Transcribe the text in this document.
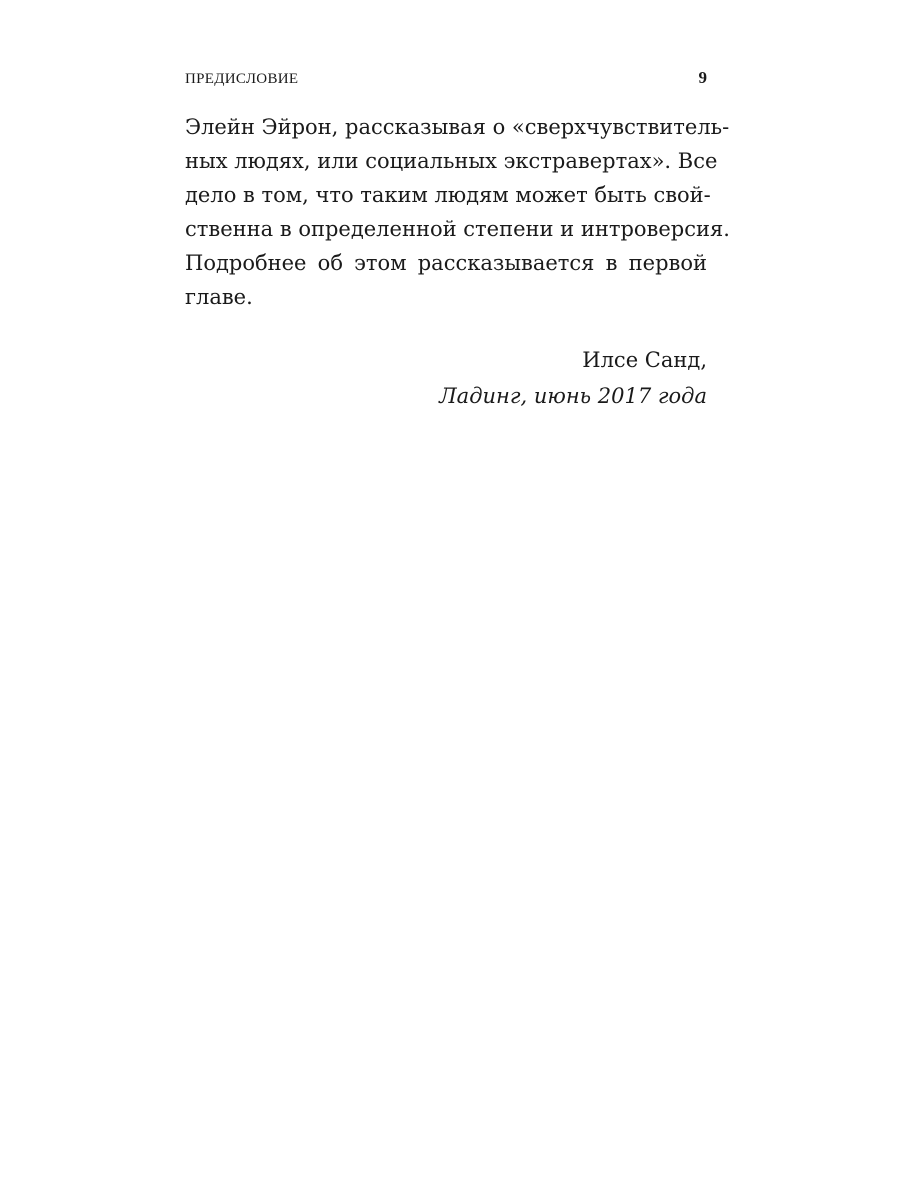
ПРЕДИСЛОВИЕ	9
Элейн Эйрон, рассказывая о «сверхчувствитель-
ных людях, или социальных экстравертах». Все
дело в том, что таким людям может быть свой-
ственна в определенной степени и интроверсия.
Подробнее об этом рассказывается в первой
главе.
Илсе Санд,
Ладинг, июнь 2017 года
